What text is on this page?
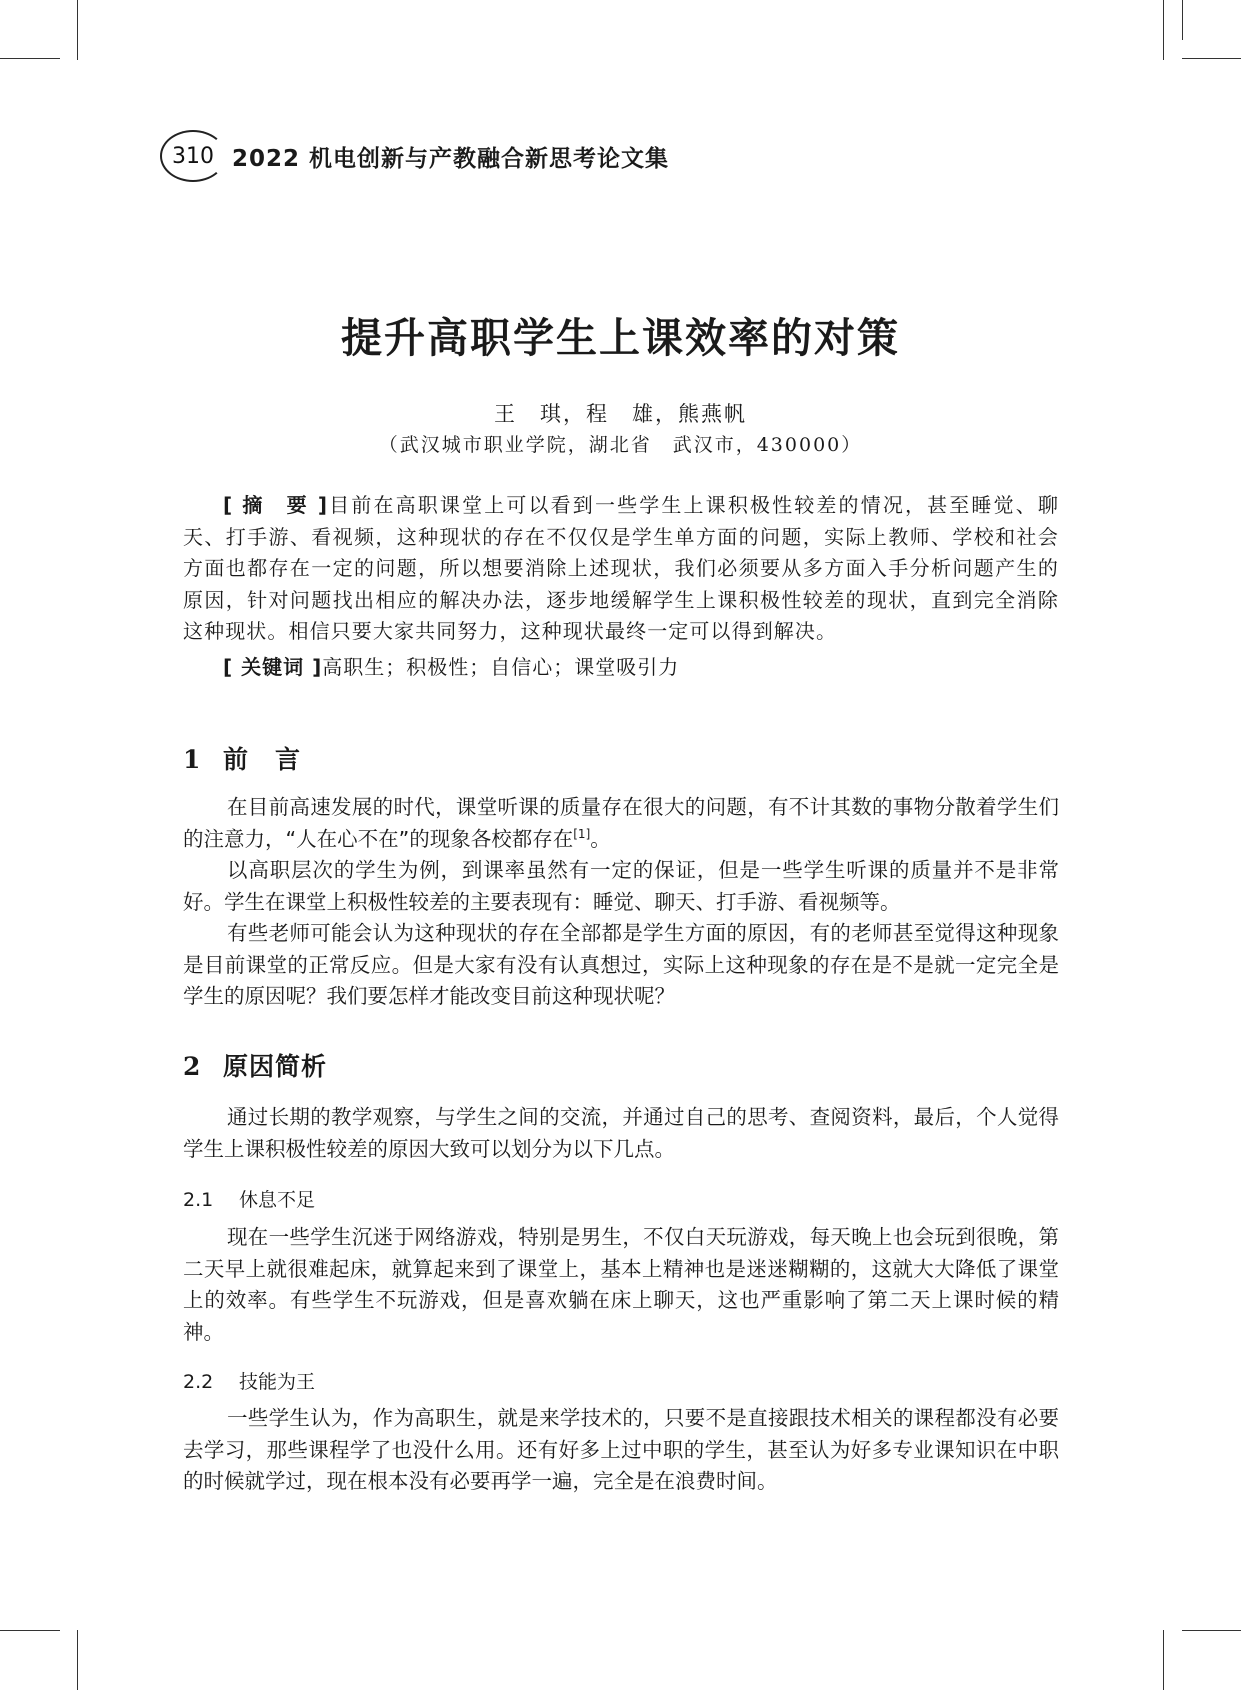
310 2022 机电创新与产教融合新思考论文集
提升高职学生上课效率的对策
王　琪，程　雄，熊燕帆
（武汉城市职业学院，湖北省　武汉市，430000）

[ 摘　要 ]目前在高职课堂上可以看到一些学生上课积极性较差的情况，甚至睡觉、聊天、打手游、看视频，这种现状的存在不仅仅是学生单方面的问题，实际上教师、学校和社会方面也都存在一定的问题，所以想要消除上述现状，我们必须要从多方面入手分析问题产生的原因，针对问题找出相应的解决办法，逐步地缓解学生上课积极性较差的现状，直到完全消除这种现状。相信只要大家共同努力，这种现状最终一定可以得到解决。

[ 关键词 ]高职生；积极性；自信心；课堂吸引力
1 前　言

在目前高速发展的时代，课堂听课的质量存在很大的问题，有不计其数的事物分散着学生们的注意力，“人在心不在”的现象各校都存在[1]。

以高职层次的学生为例，到课率虽然有一定的保证，但是一些学生听课的质量并不是非常好。学生在课堂上积极性较差的主要表现有：睡觉、聊天、打手游、看视频等。

有些老师可能会认为这种现状的存在全部都是学生方面的原因，有的老师甚至觉得这种现象是目前课堂的正常反应。但是大家有没有认真想过，实际上这种现象的存在是不是就一定完全是学生的原因呢？我们要怎样才能改变目前这种现状呢？

2 原因简析

通过长期的教学观察，与学生之间的交流，并通过自己的思考、查阅资料，最后，个人觉得学生上课积极性较差的原因大致可以划分为以下几点。

2.1 休息不足

现在一些学生沉迷于网络游戏，特别是男生，不仅白天玩游戏，每天晚上也会玩到很晚，第二天早上就很难起床，就算起来到了课堂上，基本上精神也是迷迷糊糊的，这就大大降低了课堂上的效率。有些学生不玩游戏，但是喜欢躺在床上聊天，这也严重影响了第二天上课时候的精神。

2.2 技能为王

一些学生认为，作为高职生，就是来学技术的，只要不是直接跟技术相关的课程都没有必要去学习，那些课程学了也没什么用。还有好多上过中职的学生，甚至认为好多专业课知识在中职的时候就学过，现在根本没有必要再学一遍，完全是在浪费时间。
